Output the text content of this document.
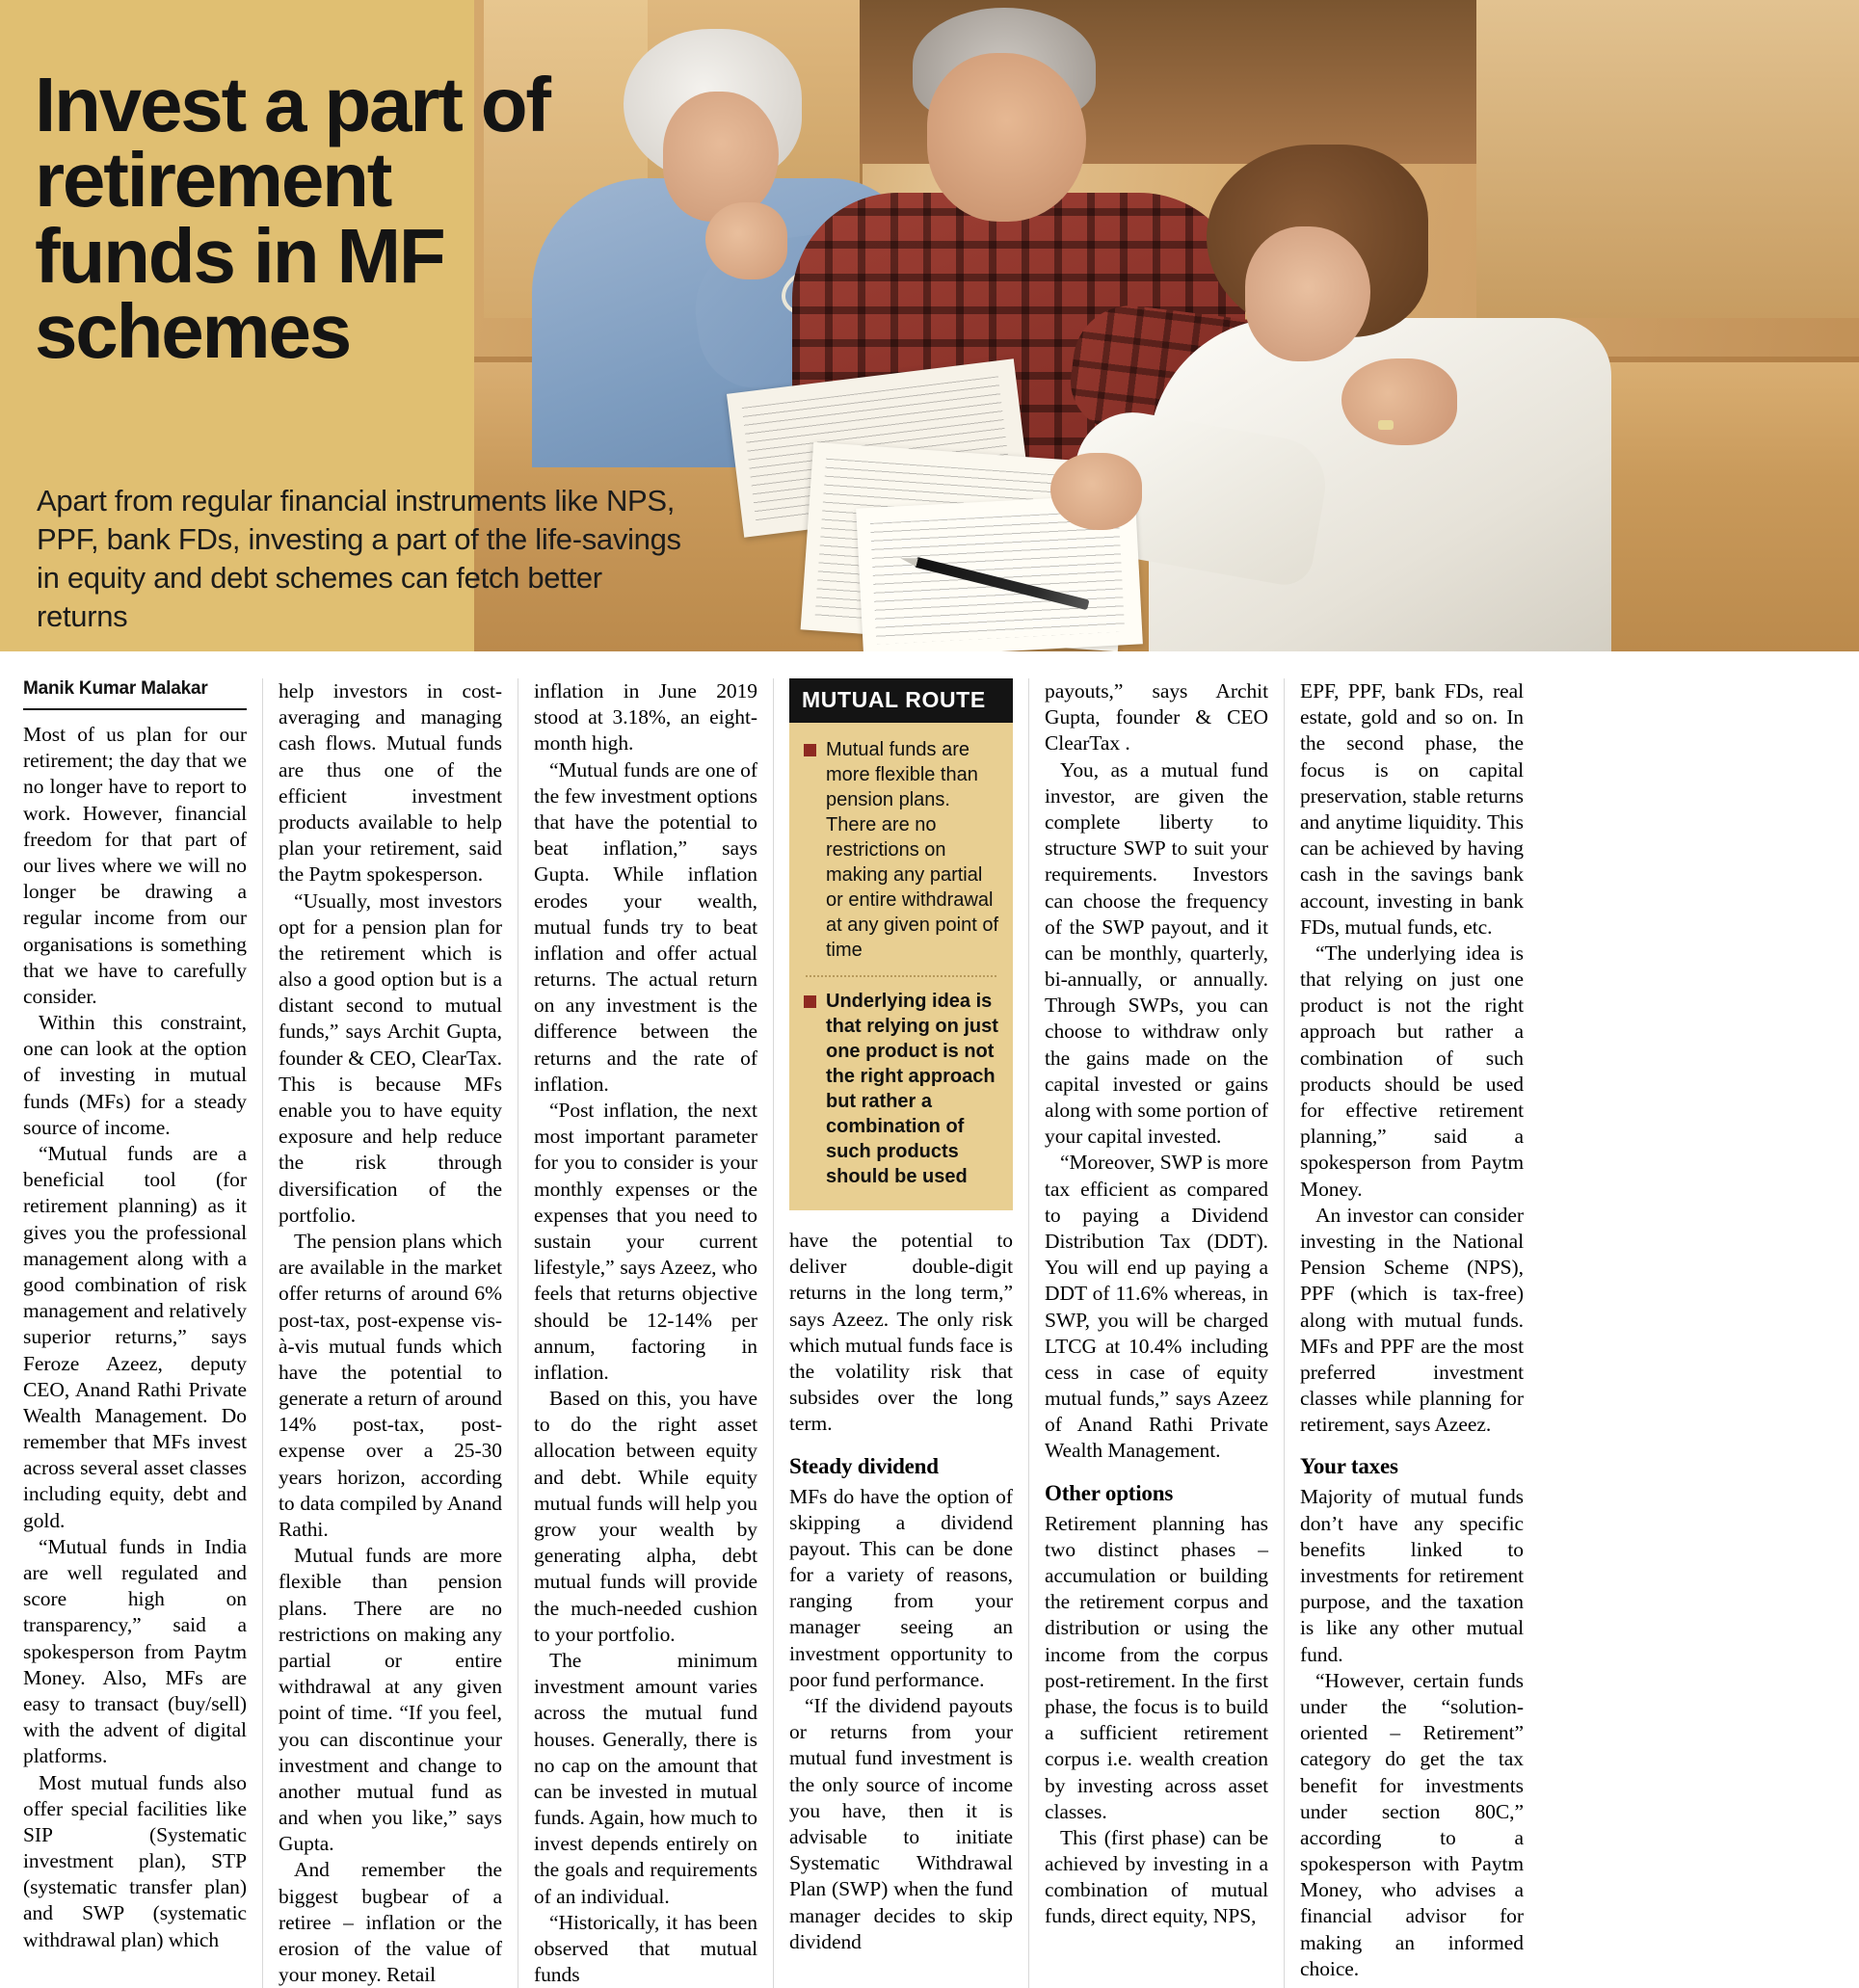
Invest a part of retirement funds in MF schemes
Apart from regular financial instruments like NPS, PPF, bank FDs, investing a part of the life-savings in equity and debt schemes can fetch better returns
Manik Kumar Malakar

Most of us plan for our retirement; the day that we no longer have to report to work. However, financial freedom for that part of our lives where we will no longer be drawing a regular income from our organisations is something that we have to carefully consider.

Within this constraint, one can look at the option of investing in mutual funds (MFs) for a steady source of income.

“Mutual funds are a beneficial tool (for retirement planning) as it gives you the professional management along with a good combination of risk management and relatively superior returns,” says Feroze Azeez, deputy CEO, Anand Rathi Private Wealth Management. Do remember that MFs invest across several asset classes including equity, debt and gold.

“Mutual funds in India are well regulated and score high on transparency,” said a spokesperson from Paytm Money. Also, MFs are easy to transact (buy/sell) with the advent of digital platforms.

Most mutual funds also offer special facilities like SIP (Systematic investment plan), STP (systematic transfer plan) and SWP (systematic withdrawal plan) which

help investors in cost-averaging and managing cash flows. Mutual funds are thus one of the efficient investment products available to help plan your retirement, said the Paytm spokesperson.

“Usually, most investors opt for a pension plan for the retirement which is also a good option but is a distant second to mutual funds,” says Archit Gupta, founder & CEO, ClearTax. This is because MFs enable you to have equity exposure and help reduce the risk through diversification of the portfolio.

The pension plans which are available in the market offer returns of around 6% post-tax, post-expense vis-à-vis mutual funds which have the potential to generate a return of around 14% post-tax, post-expense over a 25-30 years horizon, according to data compiled by Anand Rathi.

Mutual funds are more flexible than pension plans. There are no restrictions on making any partial or entire withdrawal at any given point of time. “If you feel, you can discontinue your investment and change to another mutual fund as and when you like,” says Gupta.

And remember the biggest bugbear of a retiree – inflation or the erosion of the value of your money. Retail

inflation in June 2019 stood at 3.18%, an eight-month high.

“Mutual funds are one of the few investment options that have the potential to beat inflation,” says Gupta. While inflation erodes your wealth, mutual funds try to beat inflation and offer actual returns. The actual return on any investment is the difference between the returns and the rate of inflation.

“Post inflation, the next most important parameter for you to consider is your monthly expenses or the expenses that you need to sustain your current lifestyle,” says Azeez, who feels that returns objective should be 12-14% per annum, factoring in inflation.

Based on this, you have to do the right asset allocation between equity and debt. While equity mutual funds will help you grow your wealth by generating alpha, debt mutual funds will provide the much-needed cushion to your portfolio.

The minimum investment amount varies across the mutual fund houses. Generally, there is no cap on the amount that can be invested in mutual funds. Again, how much to invest depends entirely on the goals and requirements of an individual.

“Historically, it has been observed that mutual funds

MUTUAL ROUTE
Mutual funds are more flexible than pension plans. There are no restrictions on making any partial or entire withdrawal at any given point of time
Underlying idea is that relying on just one product is not the right approach but rather a combination of such products should be used

have the potential to deliver double-digit returns in the long term,” says Azeez. The only risk which mutual funds face is the volatility risk that subsides over the long term.

Steady dividend

MFs do have the option of skipping a dividend payout. This can be done for a variety of reasons, ranging from your manager seeing an investment opportunity to poor fund performance.

“If the dividend payouts or returns from your mutual fund investment is the only source of income you have, then it is advisable to initiate Systematic Withdrawal Plan (SWP) when the fund manager decides to skip dividend

payouts,” says Archit Gupta, founder & CEO ClearTax .

You, as a mutual fund investor, are given the complete liberty to structure SWP to suit your requirements. Investors can choose the frequency of the SWP payout, and it can be monthly, quarterly, bi-annually, or annually. Through SWPs, you can choose to withdraw only the gains made on the capital invested or gains along with some portion of your capital invested.

“Moreover, SWP is more tax efficient as compared to paying a Dividend Distribution Tax (DDT). You will end up paying a DDT of 11.6% whereas, in SWP, you will be charged LTCG at 10.4% including cess in case of equity mutual funds,” says Azeez of Anand Rathi Private Wealth Management.

Other options

Retirement planning has two distinct phases – accumulation or building the retirement corpus and distribution or using the income from the corpus post-retirement. In the first phase, the focus is to build a sufficient retirement corpus i.e. wealth creation by investing across asset classes.

This (first phase) can be achieved by investing in a combination of mutual funds, direct equity, NPS,

EPF, PPF, bank FDs, real estate, gold and so on. In the second phase, the focus is on capital preservation, stable returns and anytime liquidity. This can be achieved by having cash in the savings bank account, investing in bank FDs, mutual funds, etc.

“The underlying idea is that relying on just one product is not the right approach but rather a combination of such products should be used for effective retirement planning,” said a spokesperson from Paytm Money.

An investor can consider investing in the National Pension Scheme (NPS), PPF (which is tax-free) along with mutual funds. MFs and PPF are the most preferred investment classes while planning for retirement, says Azeez.

Your taxes

Majority of mutual funds don’t have any specific benefits linked to investments for retirement purpose, and the taxation is like any other mutual fund.

“However, certain funds under the “solution-oriented – Retirement” category do get the tax benefit for investments under section 80C,” according to a spokesperson with Paytm Money, who advises a financial advisor for making an informed choice.
